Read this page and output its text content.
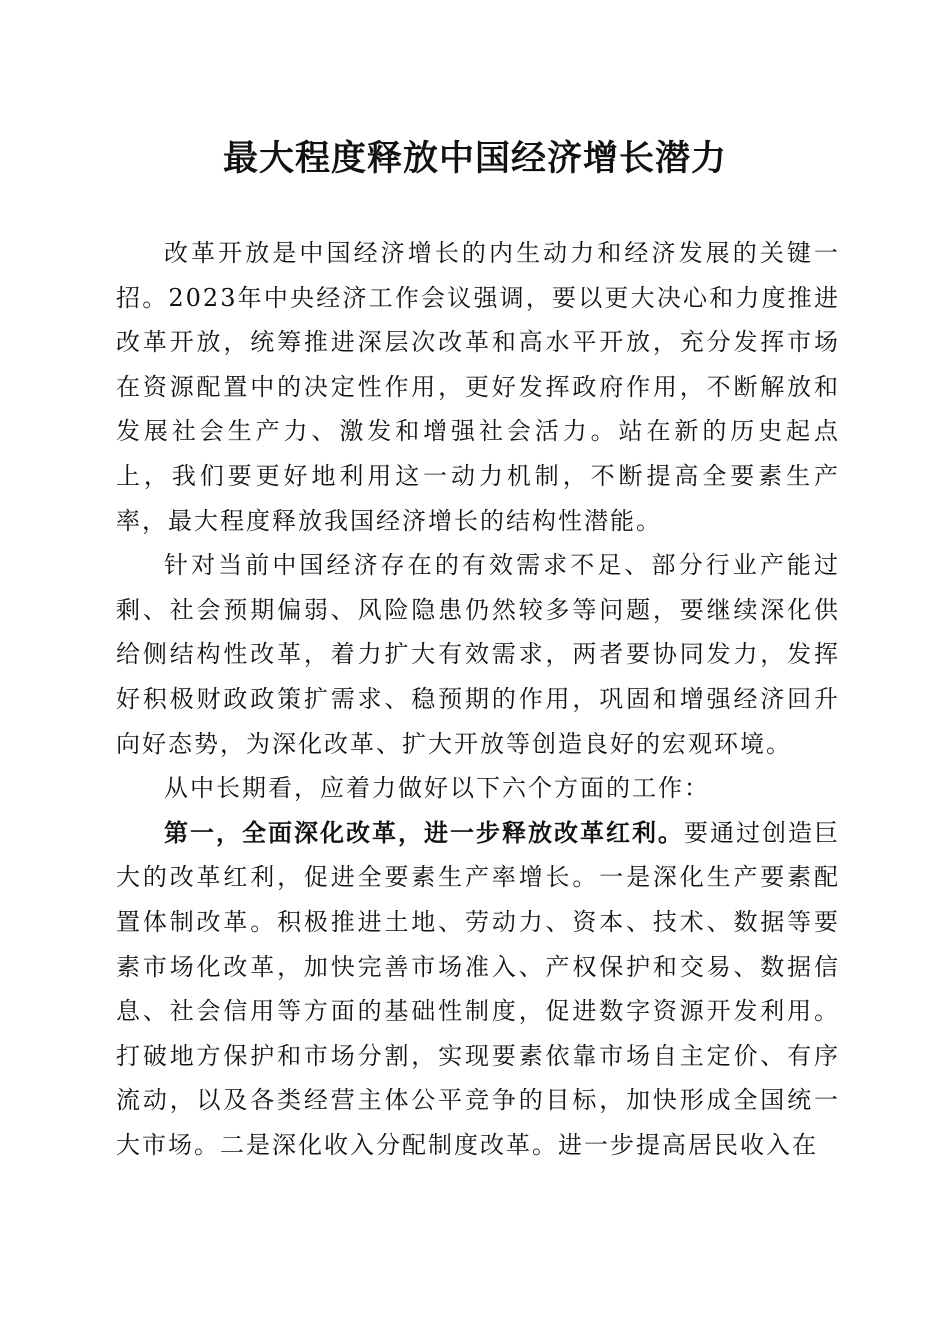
最大程度释放中国经济增长潜力

改革开放是中国经济增长的内生动力和经济发展的关键一招。2023年中央经济工作会议强调，要以更大决心和力度推进改革开放，统筹推进深层次改革和高水平开放，充分发挥市场在资源配置中的决定性作用，更好发挥政府作用，不断解放和发展社会生产力、激发和增强社会活力。站在新的历史起点上，我们要更好地利用这一动力机制，不断提高全要素生产率，最大程度释放我国经济增长的结构性潜能。

针对当前中国经济存在的有效需求不足、部分行业产能过剩、社会预期偏弱、风险隐患仍然较多等问题，要继续深化供给侧结构性改革，着力扩大有效需求，两者要协同发力，发挥好积极财政政策扩需求、稳预期的作用，巩固和增强经济回升向好态势，为深化改革、扩大开放等创造良好的宏观环境。

从中长期看，应着力做好以下六个方面的工作：

第一，全面深化改革，进一步释放改革红利。要通过创造巨大的改革红利，促进全要素生产率增长。一是深化生产要素配置体制改革。积极推进土地、劳动力、资本、技术、数据等要素市场化改革，加快完善市场准入、产权保护和交易、数据信息、社会信用等方面的基础性制度，促进数字资源开发利用。打破地方保护和市场分割，实现要素依靠市场自主定价、有序流动，以及各类经营主体公平竞争的目标，加快形成全国统一大市场。二是深化收入分配制度改革。进一步提高居民收入在
